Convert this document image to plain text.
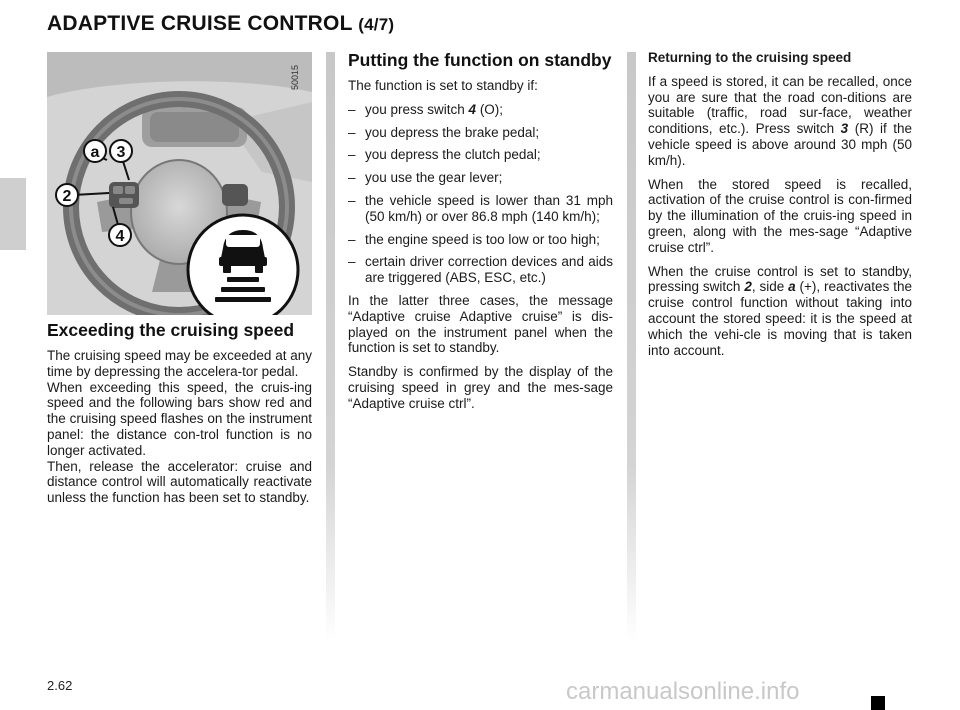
ADAPTIVE CRUISE CONTROL (4/7)
a 3
2
4
50015
Exceeding the cruising speed

The cruising speed may be exceeded at any time by depressing the accelera-tor pedal.

When exceeding this speed, the cruis-ing speed and the following bars show red and the cruising speed flashes on the instrument panel: the distance con-trol function is no longer activated.

Then, release the accelerator: cruise and distance control will automatically reactivate unless the function has been set to standby.

Putting the function on standby

The function is set to standby if:

– you press switch 4 (O);
– you depress the brake pedal;
– you depress the clutch pedal;
– you use the gear lever;
– the vehicle speed is lower than 31 mph (50 km/h) or over 86.8 mph (140 km/h);
– the engine speed is too low or too high;
– certain driver correction devices and aids are triggered (ABS, ESC, etc.)

In the latter three cases, the message “Adaptive cruise Adaptive cruise” is dis-played on the instrument panel when the function is set to standby.

Standby is confirmed by the display of the cruising speed in grey and the mes-sage “Adaptive cruise ctrl”.

Returning to the cruising speed

If a speed is stored, it can be recalled, once you are sure that the road con-ditions are suitable (traffic, road sur-face, weather conditions, etc.). Press switch 3 (R) if the vehicle speed is above around 30 mph (50 km/h).

When the stored speed is recalled, activation of the cruise control is con-firmed by the illumination of the cruis-ing speed in green, along with the mes-sage “Adaptive cruise ctrl”.

When the cruise control is set to standby, pressing switch 2, side a (+), reactivates the cruise control function without taking into account the stored speed: it is the speed at which the vehi-cle is moving that is taken into account.

2.62	carmanualsonline.info
